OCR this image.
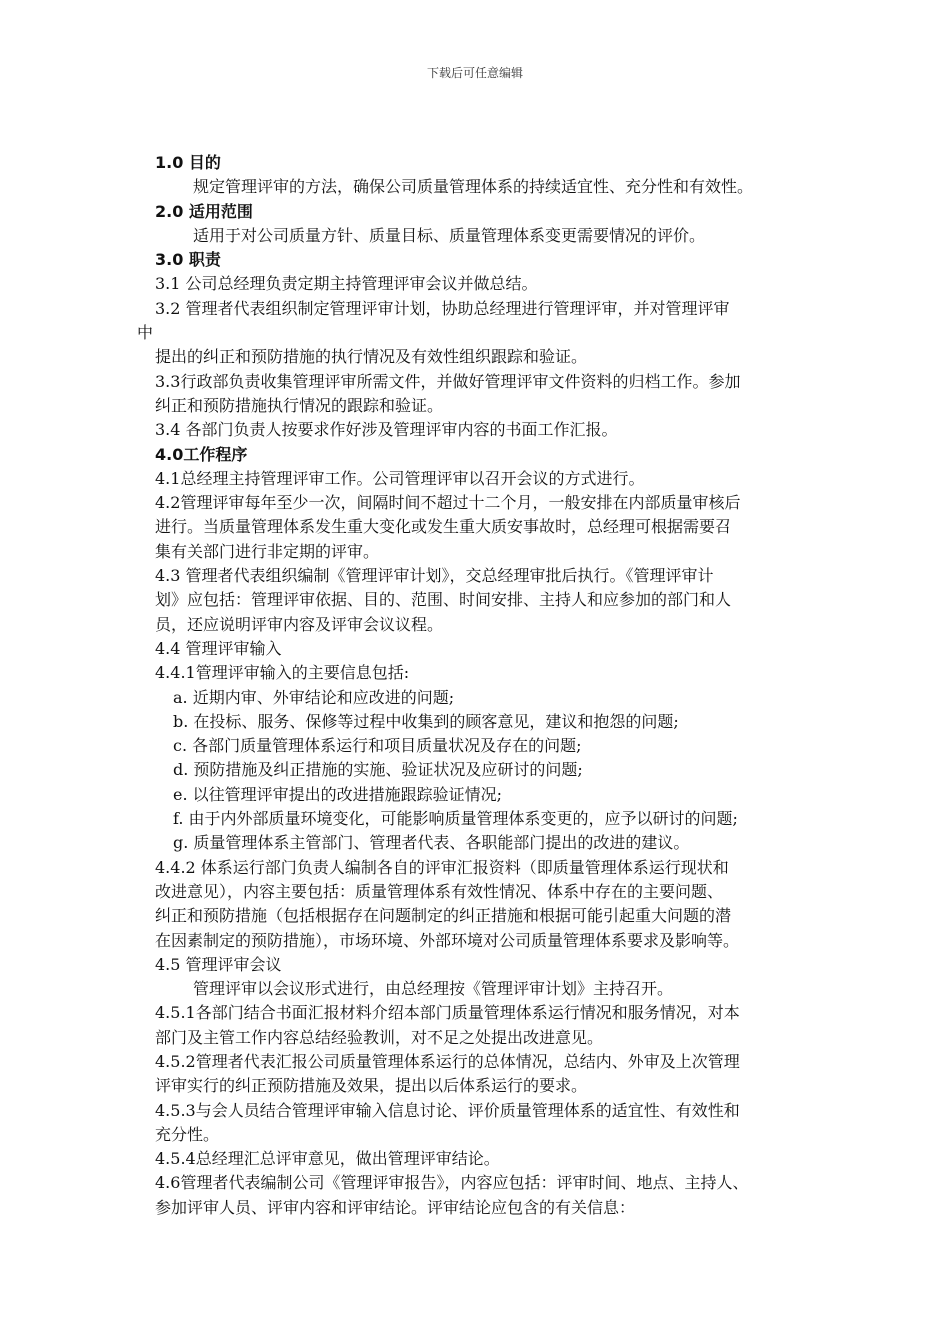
下载后可任意编辑
1.0 目的
规定管理评审的方法，确保公司质量管理体系的持续适宜性、充分性和有效性。
2.0 适用范围
适用于对公司质量方针、质量目标、质量管理体系变更需要情况的评价。
3.0 职责
3.1 公司总经理负责定期主持管理评审会议并做总结。
3.2 管理者代表组织制定管理评审计划，协助总经理进行管理评审，并对管理评审
中
提出的纠正和预防措施的执行情况及有效性组织跟踪和验证。
3.3行政部负责收集管理评审所需文件，并做好管理评审文件资料的归档工作。参加
纠正和预防措施执行情况的跟踪和验证。
3.4 各部门负责人按要求作好涉及管理评审内容的书面工作汇报。
4.0工作程序
4.1总经理主持管理评审工作。公司管理评审以召开会议的方式进行。
4.2管理评审每年至少一次，间隔时间不超过十二个月，一般安排在内部质量审核后
进行。当质量管理体系发生重大变化或发生重大质安事故时，总经理可根据需要召
集有关部门进行非定期的评审。
4.3 管理者代表组织编制《管理评审计划》，交总经理审批后执行。《管理评审计
划》应包括：管理评审依据、目的、范围、时间安排、主持人和应参加的部门和人
员，还应说明评审内容及评审会议议程。
4.4 管理评审输入
4.4.1管理评审输入的主要信息包括:
a. 近期内审、外审结论和应改进的问题;
b. 在投标、服务、保修等过程中收集到的顾客意见，建议和抱怨的问题;
c. 各部门质量管理体系运行和项目质量状况及存在的问题;
d. 预防措施及纠正措施的实施、验证状况及应研讨的问题;
e. 以往管理评审提出的改进措施跟踪验证情况;
f. 由于内外部质量环境变化，可能影响质量管理体系变更的，应予以研讨的问题;
g. 质量管理体系主管部门、管理者代表、各职能部门提出的改进的建议。
4.4.2 体系运行部门负责人编制各自的评审汇报资料（即质量管理体系运行现状和
改进意见），内容主要包括：质量管理体系有效性情况、体系中存在的主要问题、
纠正和预防措施（包括根据存在问题制定的纠正措施和根据可能引起重大问题的潜
在因素制定的预防措施），市场环境、外部环境对公司质量管理体系要求及影响等。
4.5 管理评审会议
管理评审以会议形式进行，由总经理按《管理评审计划》主持召开。
4.5.1各部门结合书面汇报材料介绍本部门质量管理体系运行情况和服务情况，对本
部门及主管工作内容总结经验教训，对不足之处提出改进意见。
4.5.2管理者代表汇报公司质量管理体系运行的总体情况，总结内、外审及上次管理
评审实行的纠正预防措施及效果，提出以后体系运行的要求。
4.5.3与会人员结合管理评审输入信息讨论、评价质量管理体系的适宜性、有效性和
充分性。
4.5.4总经理汇总评审意见，做出管理评审结论。
4.6管理者代表编制公司《管理评审报告》，内容应包括：评审时间、地点、主持人、
参加评审人员、评审内容和评审结论。评审结论应包含的有关信息：
